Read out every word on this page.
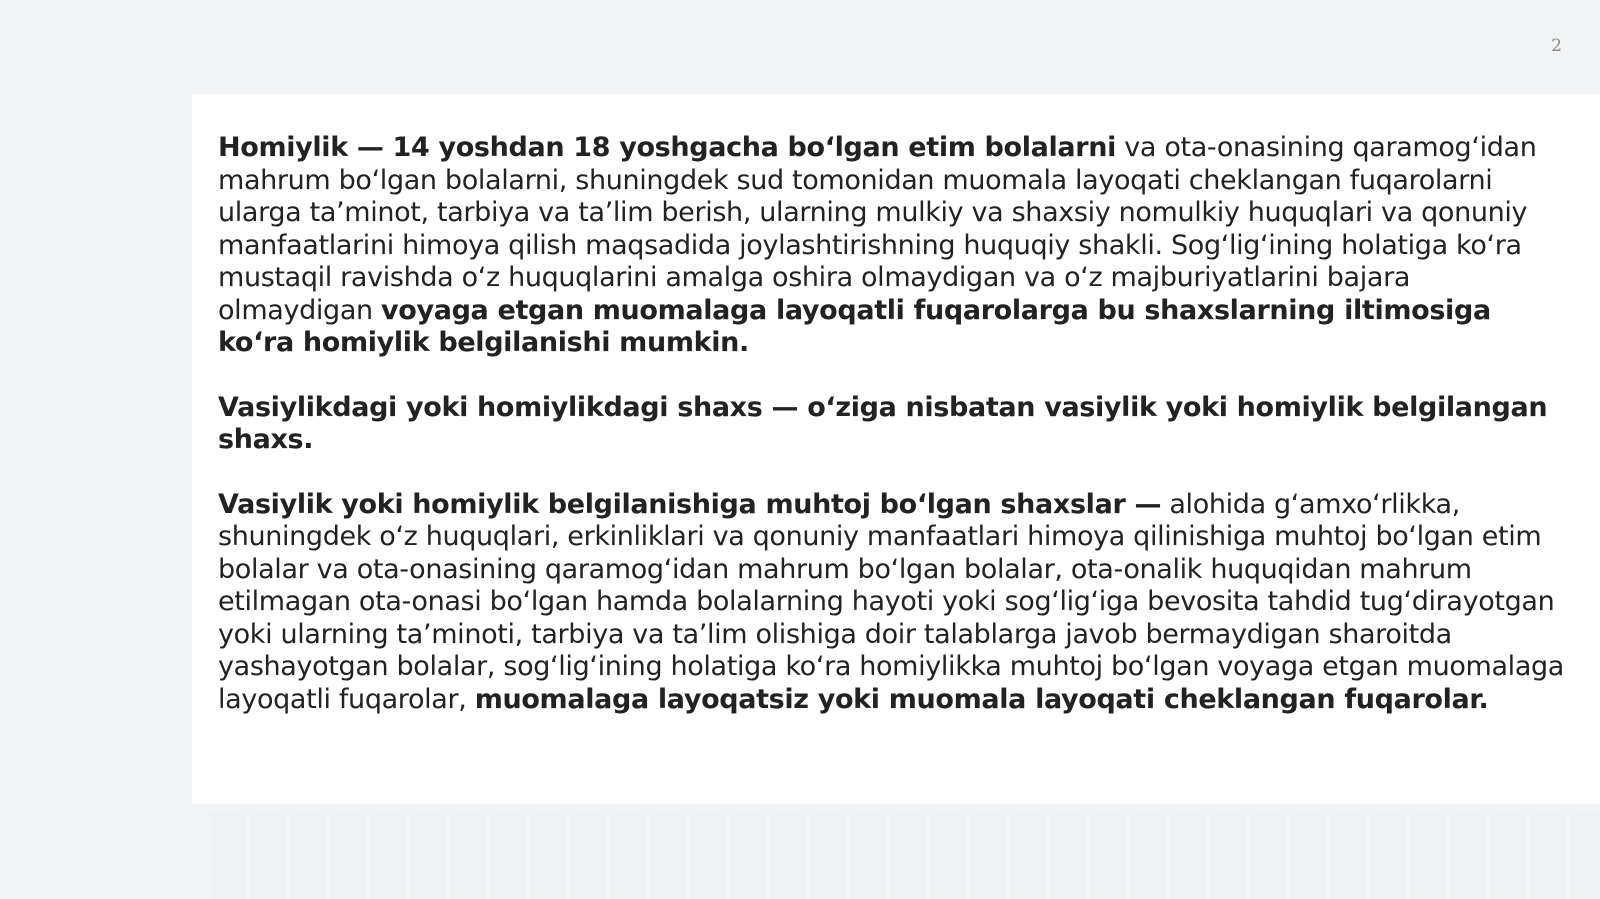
2

Homiylik — 14 yoshdan 18 yoshgacha bo‘lgan etim bolalarni va ota-onasining qaramog‘idan mahrum bo‘lgan bolalarni, shuningdek sud tomonidan muomala layoqati cheklangan fuqarolarni ularga ta’minot, tarbiya va ta’lim berish, ularning mulkiy va shaxsiy nomulkiy huquqlari va qonuniy manfaatlarini himoya qilish maqsadida joylashtirishning huquqiy shakli. Sog‘lig‘ining holatiga ko‘ra mustaqil ravishda o‘z huquqlarini amalga oshira olmaydigan va o‘z majburiyatlarini bajara olmaydigan voyaga etgan muomalaga layoqatli fuqarolarga bu shaxslarning iltimosiga ko‘ra homiylik belgilanishi mumkin.

Vasiylikdagi yoki homiylikdagi shaxs — o‘ziga nisbatan vasiylik yoki homiylik belgilangan shaxs.

Vasiylik yoki homiylik belgilanishiga muhtoj bo‘lgan shaxslar — alohida g‘amxo‘rlikka, shuningdek o‘z huquqlari, erkinliklari va qonuniy manfaatlari himoya qilinishiga muhtoj bo‘lgan etim bolalar va ota-onasining qaramog‘idan mahrum bo‘lgan bolalar, ota-onalik huquqidan mahrum etilmagan ota-onasi bo‘lgan hamda bolalarning hayoti yoki sog‘lig‘iga bevosita tahdid tug‘dirayotgan yoki ularning ta’minoti, tarbiya va ta’lim olishiga doir talablarga javob bermaydigan sharoitda yashayotgan bolalar, sog‘lig‘ining holatiga ko‘ra homiylikka muhtoj bo‘lgan voyaga etgan muomalaga layoqatli fuqarolar, muomalaga layoqatsiz yoki muomala layoqati cheklangan fuqarolar.
